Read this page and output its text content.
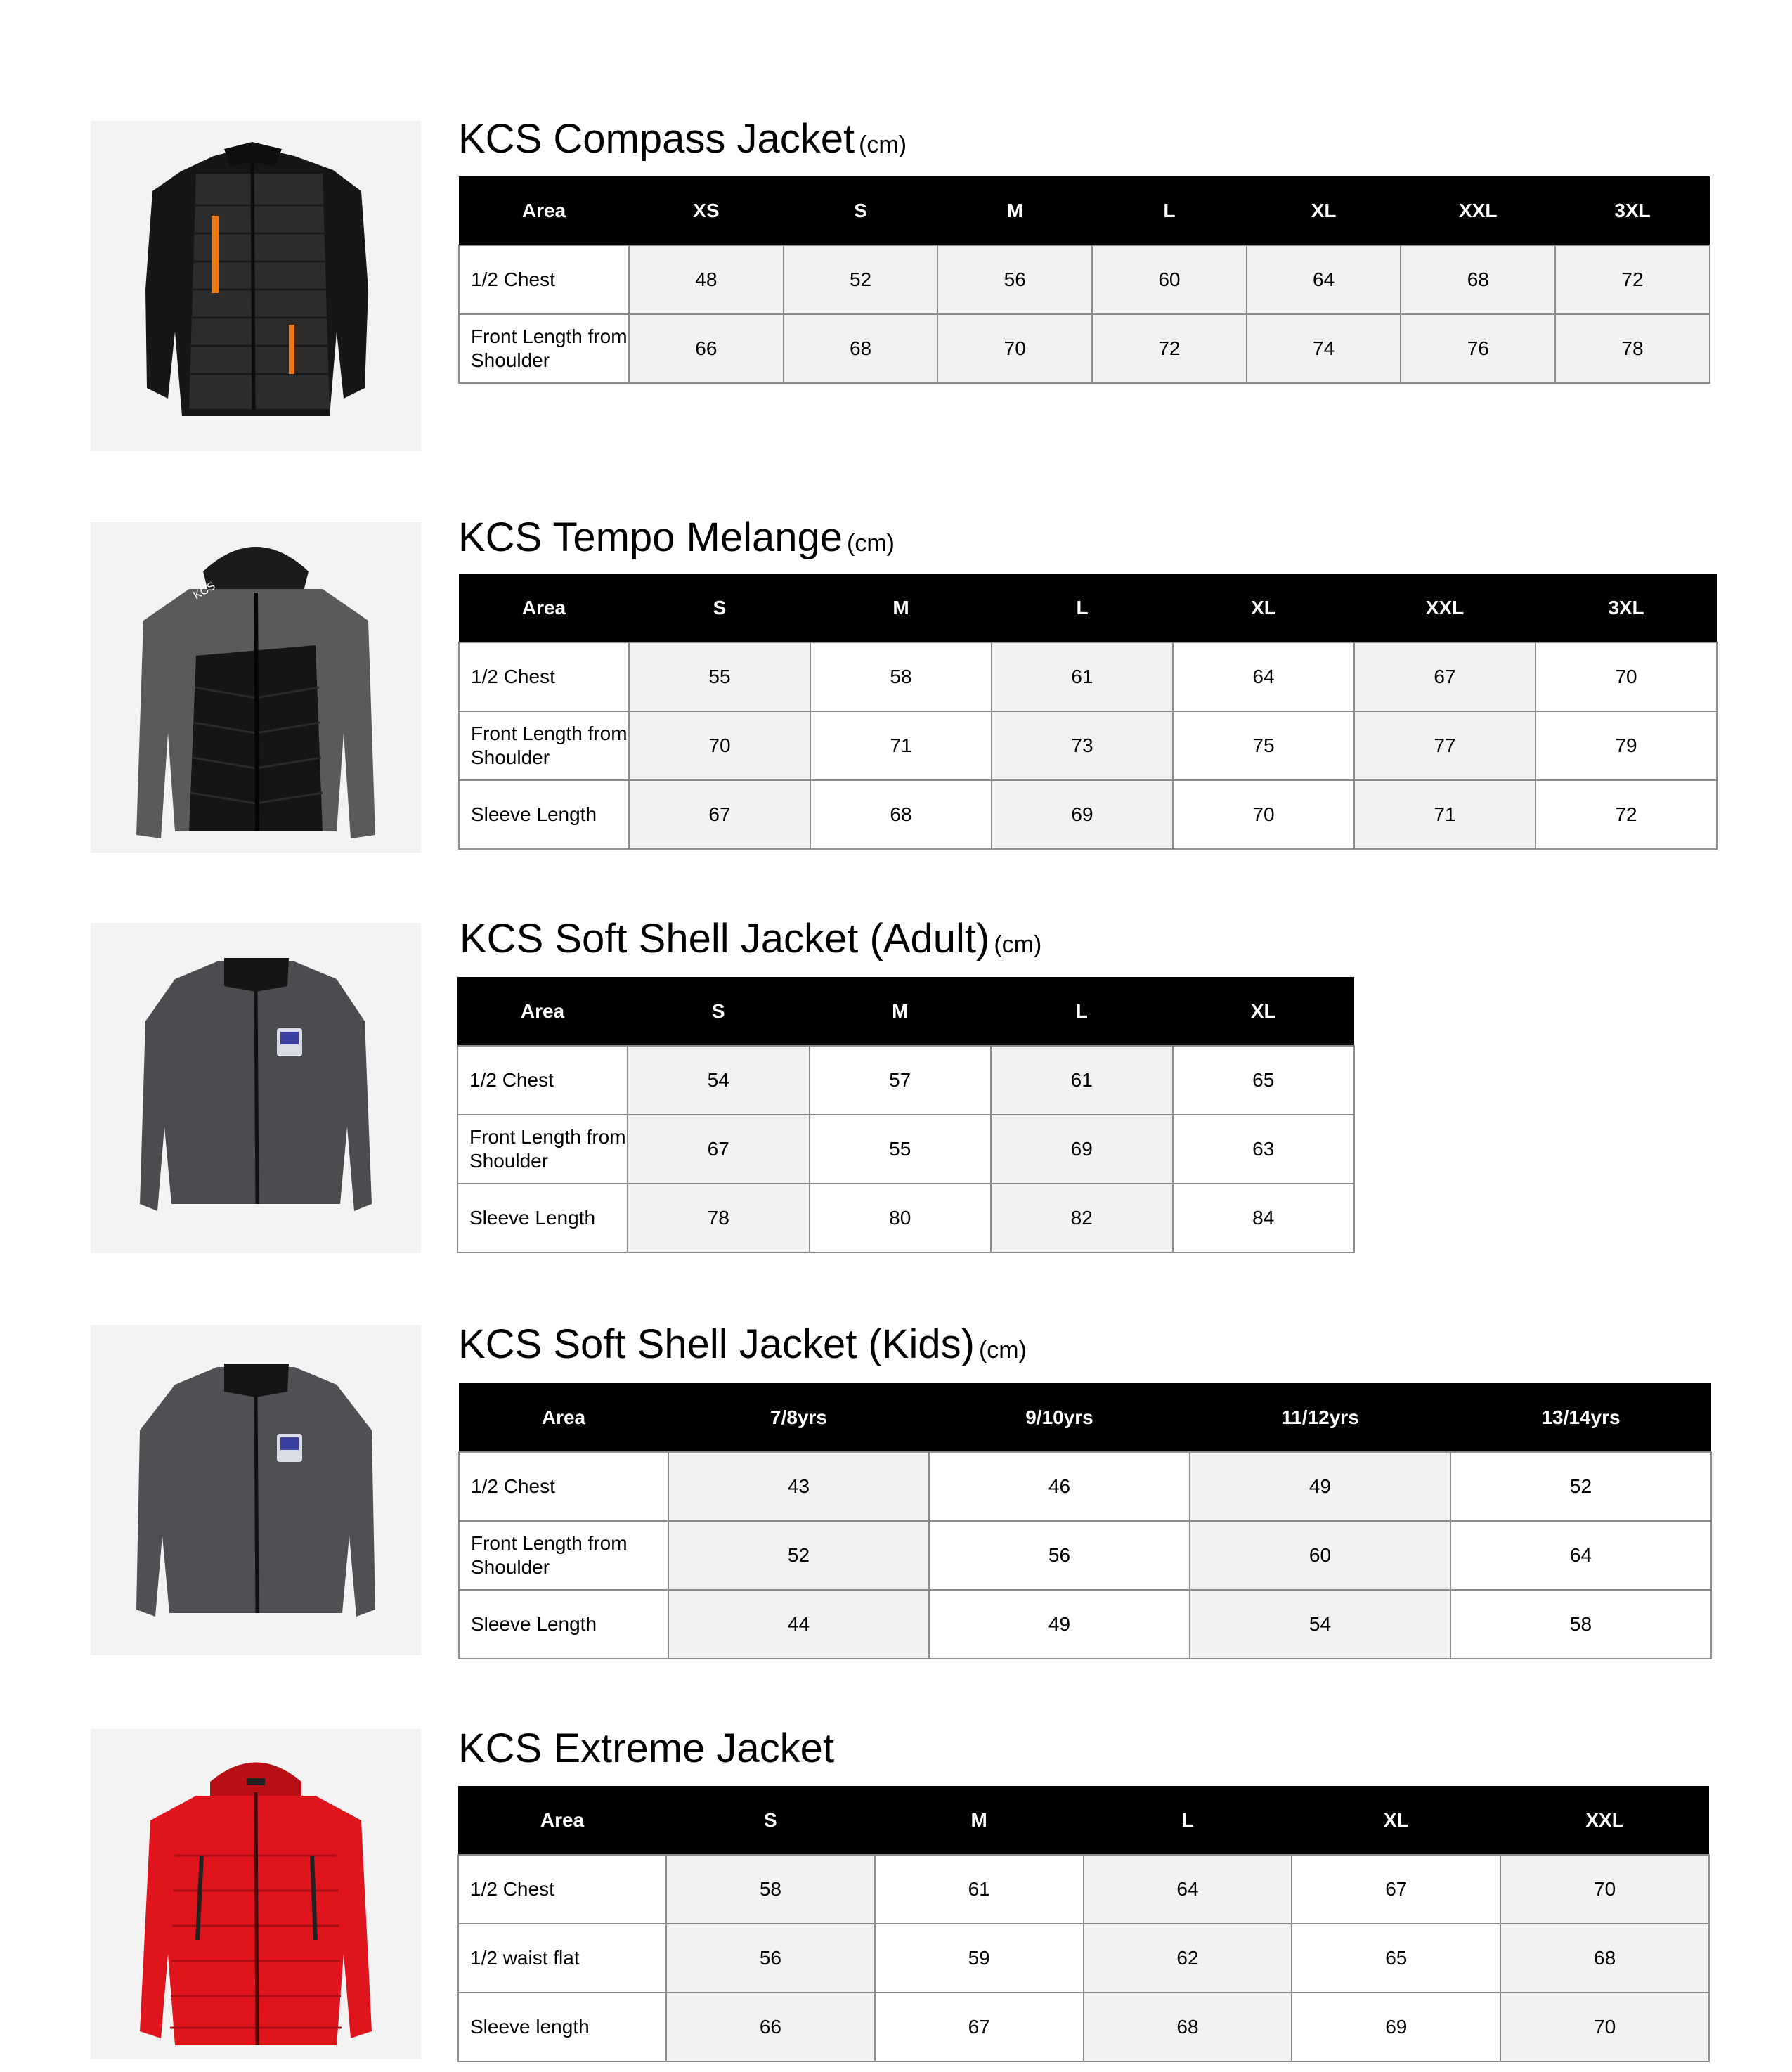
KCS Compass Jacket (cm)
Area	XS	S	M	L	XL	XXL	3XL
1/2 Chest	48	52	56	60	64	68	72
Front Length from Shoulder	66	68	70	72	74	76	78
KCS
KCS Tempo Melange (cm)
Area	S	M	L	XL	XXL	3XL
1/2 Chest	55	58	61	64	67	70
Front Length from Shoulder	70	71	73	75	77	79
Sleeve Length	67	68	69	70	71	72
KCS Soft Shell Jacket (Adult) (cm)
Area	S	M	L	XL
1/2 Chest	54	57	61	65
Front Length from Shoulder	67	55	69	63
Sleeve Length	78	80	82	84
KCS Soft Shell Jacket (Kids) (cm)
Area	7/8yrs	9/10yrs	11/12yrs	13/14yrs
1/2 Chest	43	46	49	52
Front Length from Shoulder	52	56	60	64
Sleeve Length	44	49	54	58
KCS Extreme Jacket
Area	S	M	L	XL	XXL
1/2 Chest	58	61	64	67	70
1/2 waist flat	56	59	62	65	68
Sleeve length	66	67	68	69	70
